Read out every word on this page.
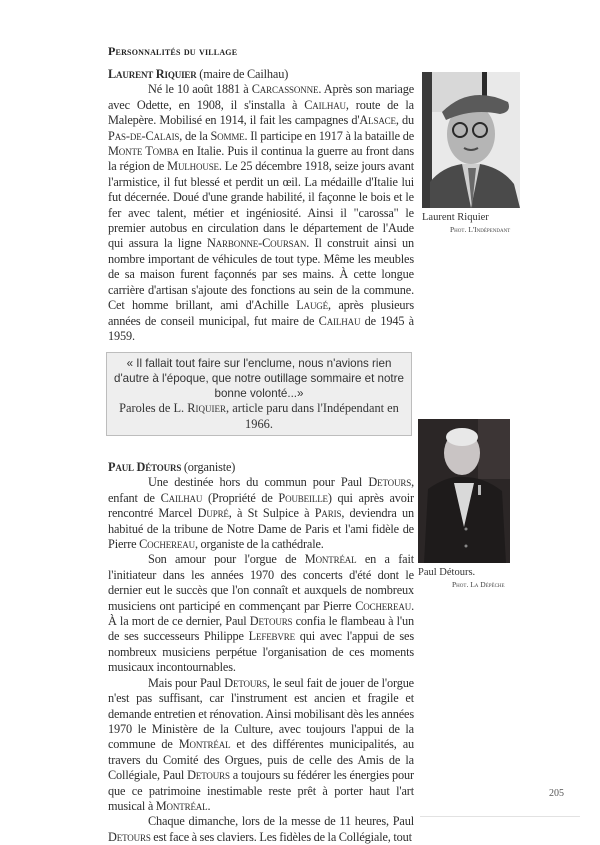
Personnalités du village

Laurent Riquier (maire de Cailhau)

Né le 10 août 1881 à Carcassonne. Après son mariage avec Odette, en 1908, il s'installa à Cailhau, route de la Malepère. Mobilisé en 1914, il fait les campagnes d'Alsace, du Pas-de-Calais, de la Somme. Il participe en 1917 à la bataille de Monte Tomba en Italie. Puis il continua la guerre au front dans la région de Mulhouse. Le 25 décembre 1918, seize jours avant l'armistice, il fut blessé et perdit un œil. La médaille d'Italie lui fut décernée. Doué d'une grande habilité, il façonne le bois et le fer avec talent, métier et ingéniosité. Ainsi il "carossa" le premier autobus en circulation dans le département de l'Aude qui assura la ligne Narbonne-Coursan. Il construit ainsi un nombre important de véhicules de tout type. Même les meubles de sa maison furent façonnés par ses mains. À cette longue carrière d'artisan s'ajoute des fonctions au sein de la commune. Cet homme brillant, ami d'Achille Laugé, après plusieurs années de conseil municipal, fut maire de Cailhau de 1945 à 1959.

Laurent Riquier
Phot. L'Indépendant
« Il fallait tout faire sur l'enclume, nous n'avions rien d'autre à l'époque, que notre outillage sommaire et notre bonne volonté...»
Paroles de L. Riquier, article paru dans l'Indépendant en 1966.

Paul Détours (organiste)

Une destinée hors du commun pour Paul Detours, enfant de Cailhau (Propriété de Poubeille) qui après avoir rencontré Marcel Dupré, à St Sulpice à Paris, deviendra un habitué de la tribune de Notre Dame de Paris et l'ami fidèle de Pierre Cochereau, organiste de la cathédrale.

Son amour pour l'orgue de Montréal en a fait l'initiateur dans les années 1970 des concerts d'été dont le dernier eut le succès que l'on connaît et auxquels de nombreux musiciens ont participé en commençant par Pierre Cochereau. À la mort de ce dernier, Paul Detours confia le flambeau à l'un de ses successeurs Philippe Lefebvre qui avec l'appui de ses nombreux musiciens perpétue l'organisation de ces moments musicaux incontournables.

Mais pour Paul Detours, le seul fait de jouer de l'orgue n'est pas suffisant, car l'instrument est ancien et fragile et demande entretien et rénovation. Ainsi mobilisant dès les années 1970 le Ministère de la Culture, avec toujours l'appui de la commune de Montréal et des différentes municipalités, au travers du Comité des Orgues, puis de celle des Amis de la Collégiale, Paul Detours a toujours su fédérer les énergies pour que ce patrimoine inestimable reste prêt à porter haut l'art musical à Montréal.

Chaque dimanche, lors de la messe de 11 heures, Paul Detours est face à ses claviers. Les fidèles de la Collégiale, tout

Paul Détours.
Phot. La Dépêche
205
